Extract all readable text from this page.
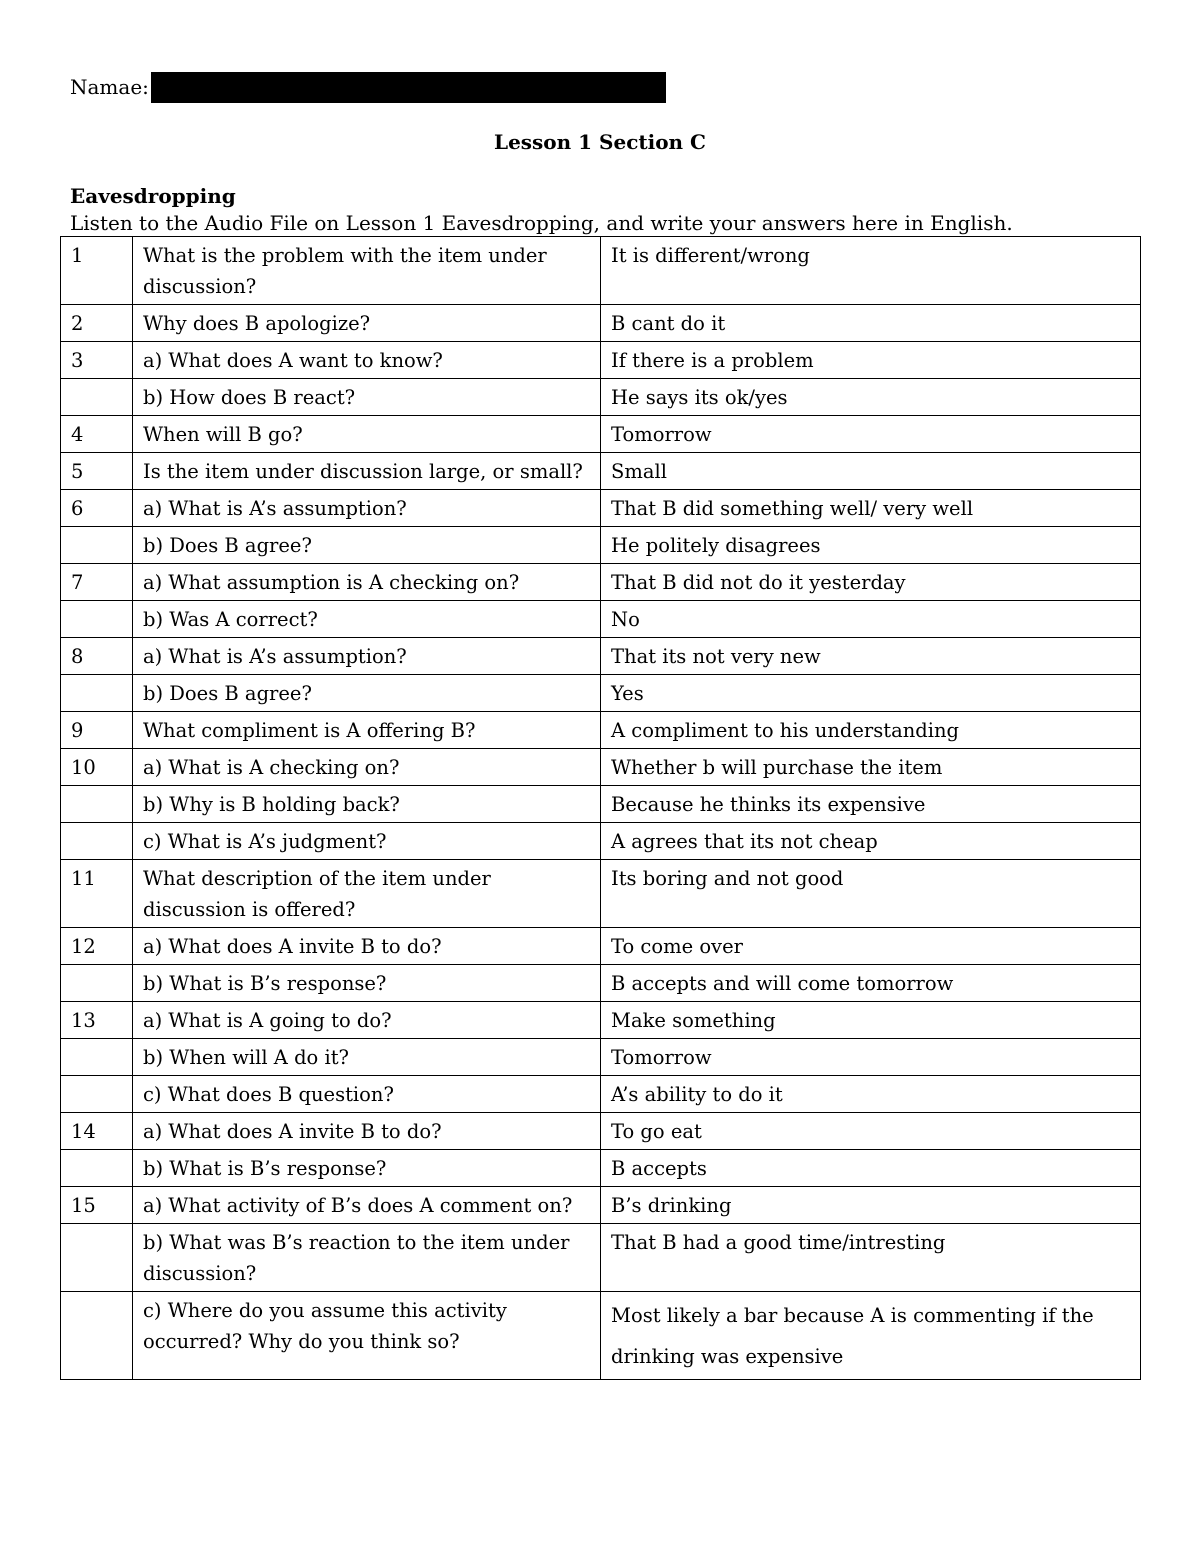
Namae:
Lesson 1 Section C
Eavesdropping
Listen to the Audio File on Lesson 1 Eavesdropping, and write your answers here in English.
1	What is the problem with the item under discussion?	It is different/wrong
2	Why does B apologize?	B cant do it
3	a) What does A want to know?	If there is a problem
	b) How does B react?	He says its ok/yes
4	When will B go?	Tomorrow
5	Is the item under discussion large, or small?	Small
6	a) What is A’s assumption?	That B did something well/ very well
	b) Does B agree?	He politely disagrees
7	a) What assumption is A checking on?	That B did not do it yesterday
	b) Was A correct?	No
8	a) What is A’s assumption?	That its not very new
	b) Does B agree?	Yes
9	What compliment is A offering B?	A compliment to his understanding
10	a) What is A checking on?	Whether b will purchase the item
	b) Why is B holding back?	Because he thinks its expensive
	c) What is A’s judgment?	A agrees that its not cheap
11	What description of the item under discussion is offered?	Its boring and not good
12	a) What does A invite B to do?	To come over
	b) What is B’s response?	B accepts and will come tomorrow
13	a) What is A going to do?	Make something
	b) When will A do it?	Tomorrow
	c) What does B question?	A’s ability to do it
14	a) What does A invite B to do?	To go eat
	b) What is B’s response?	B accepts
15	a) What activity of B’s does A comment on?	B’s drinking
	b) What was B’s reaction to the item under discussion?	That B had a good time/intresting
	c) Where do you assume this activity occurred? Why do you think so?	Most likely a bar because A is commenting if the drinking was expensive
